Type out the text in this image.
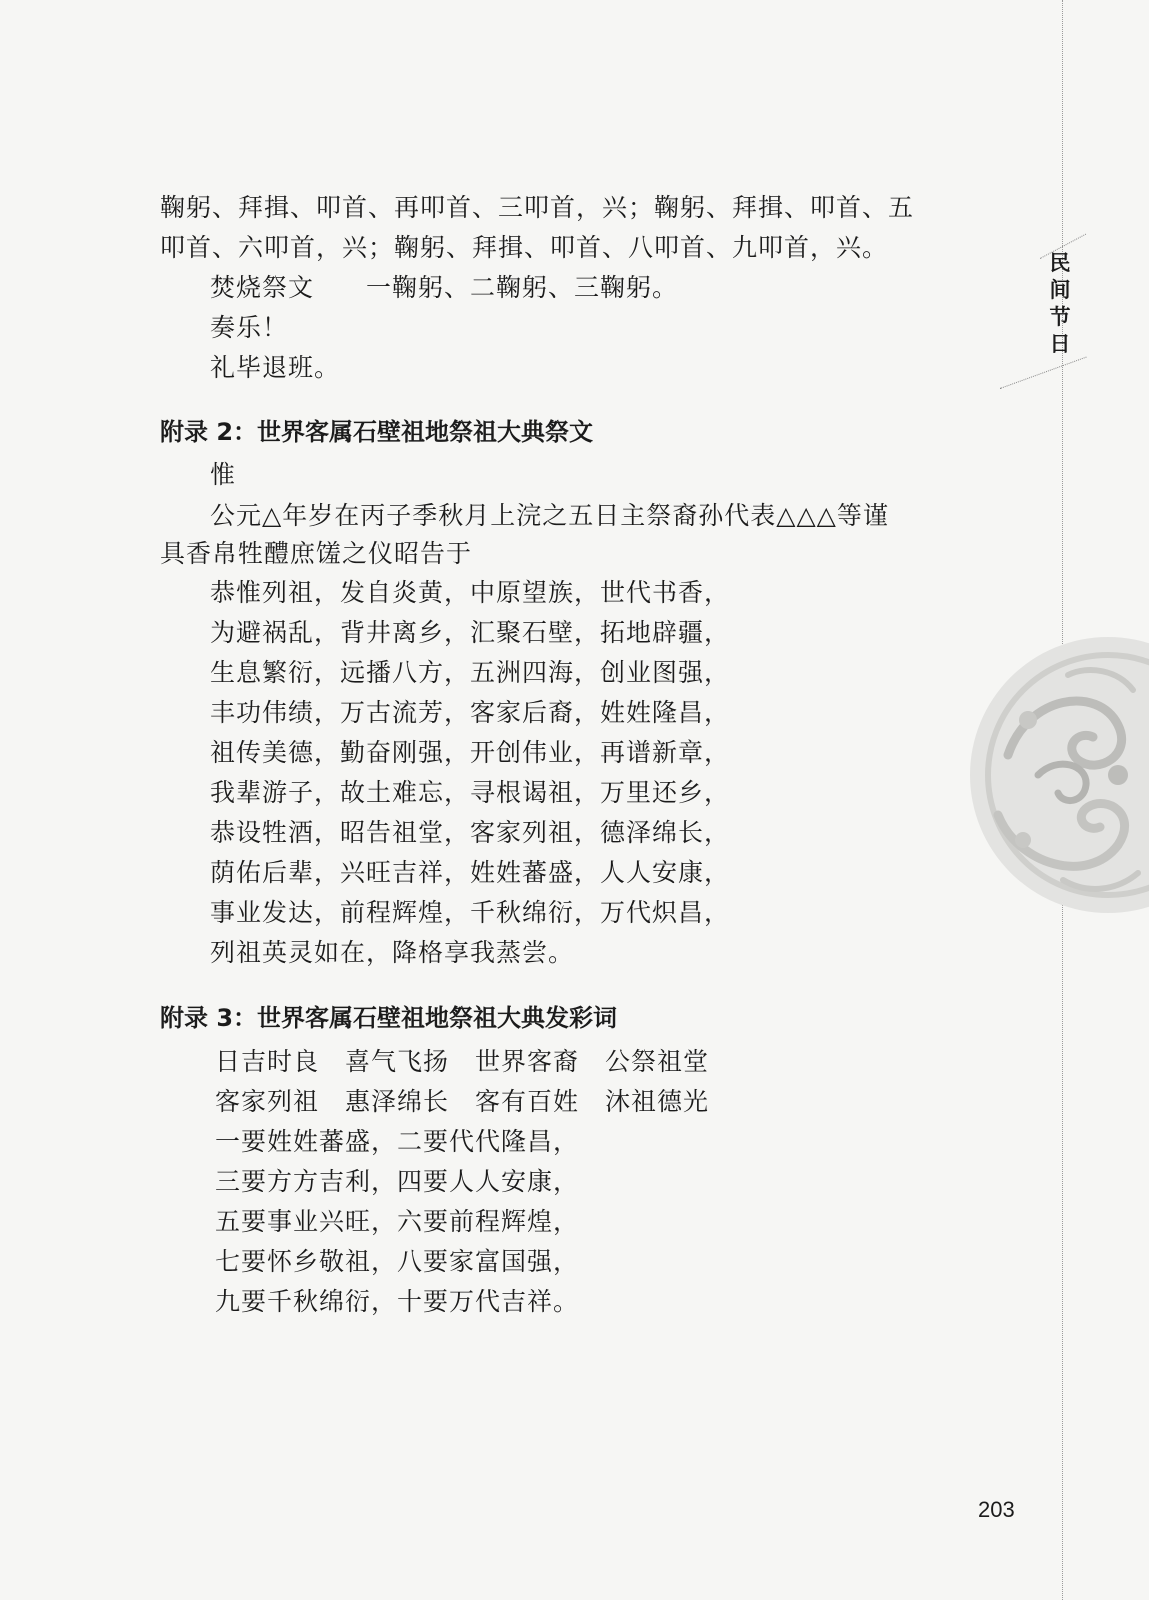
民
间
节
日
鞠躬、拜揖、叩首、再叩首、三叩首，兴；鞠躬、拜揖、叩首、五
叩首、六叩首，兴；鞠躬、拜揖、叩首、八叩首、九叩首，兴。
焚烧祭文　　一鞠躬、二鞠躬、三鞠躬。
奏乐！
礼毕退班。
附录 2：世界客属石壁祖地祭祖大典祭文
惟
公元△年岁在丙子季秋月上浣之五日主祭裔孙代表△△△等谨
具香帛牲醴庶馐之仪昭告于
恭惟列祖，发自炎黄，中原望族，世代书香，
为避祸乱，背井离乡，汇聚石壁，拓地辟疆，
生息繁衍，远播八方，五洲四海，创业图强，
丰功伟绩，万古流芳，客家后裔，姓姓隆昌，
祖传美德，勤奋刚强，开创伟业，再谱新章，
我辈游子，故土难忘，寻根谒祖，万里还乡，
恭设牲酒，昭告祖堂，客家列祖，德泽绵长，
荫佑后辈，兴旺吉祥，姓姓蕃盛，人人安康，
事业发达，前程辉煌，千秋绵衍，万代炽昌，
列祖英灵如在，降格享我蒸尝。
附录 3：世界客属石壁祖地祭祖大典发彩词
日吉时良　喜气飞扬　世界客裔　公祭祖堂
客家列祖　惠泽绵长　客有百姓　沐祖德光
一要姓姓蕃盛，二要代代隆昌，
三要方方吉利，四要人人安康，
五要事业兴旺，六要前程辉煌，
七要怀乡敬祖，八要家富国强，
九要千秋绵衍，十要万代吉祥。
203
